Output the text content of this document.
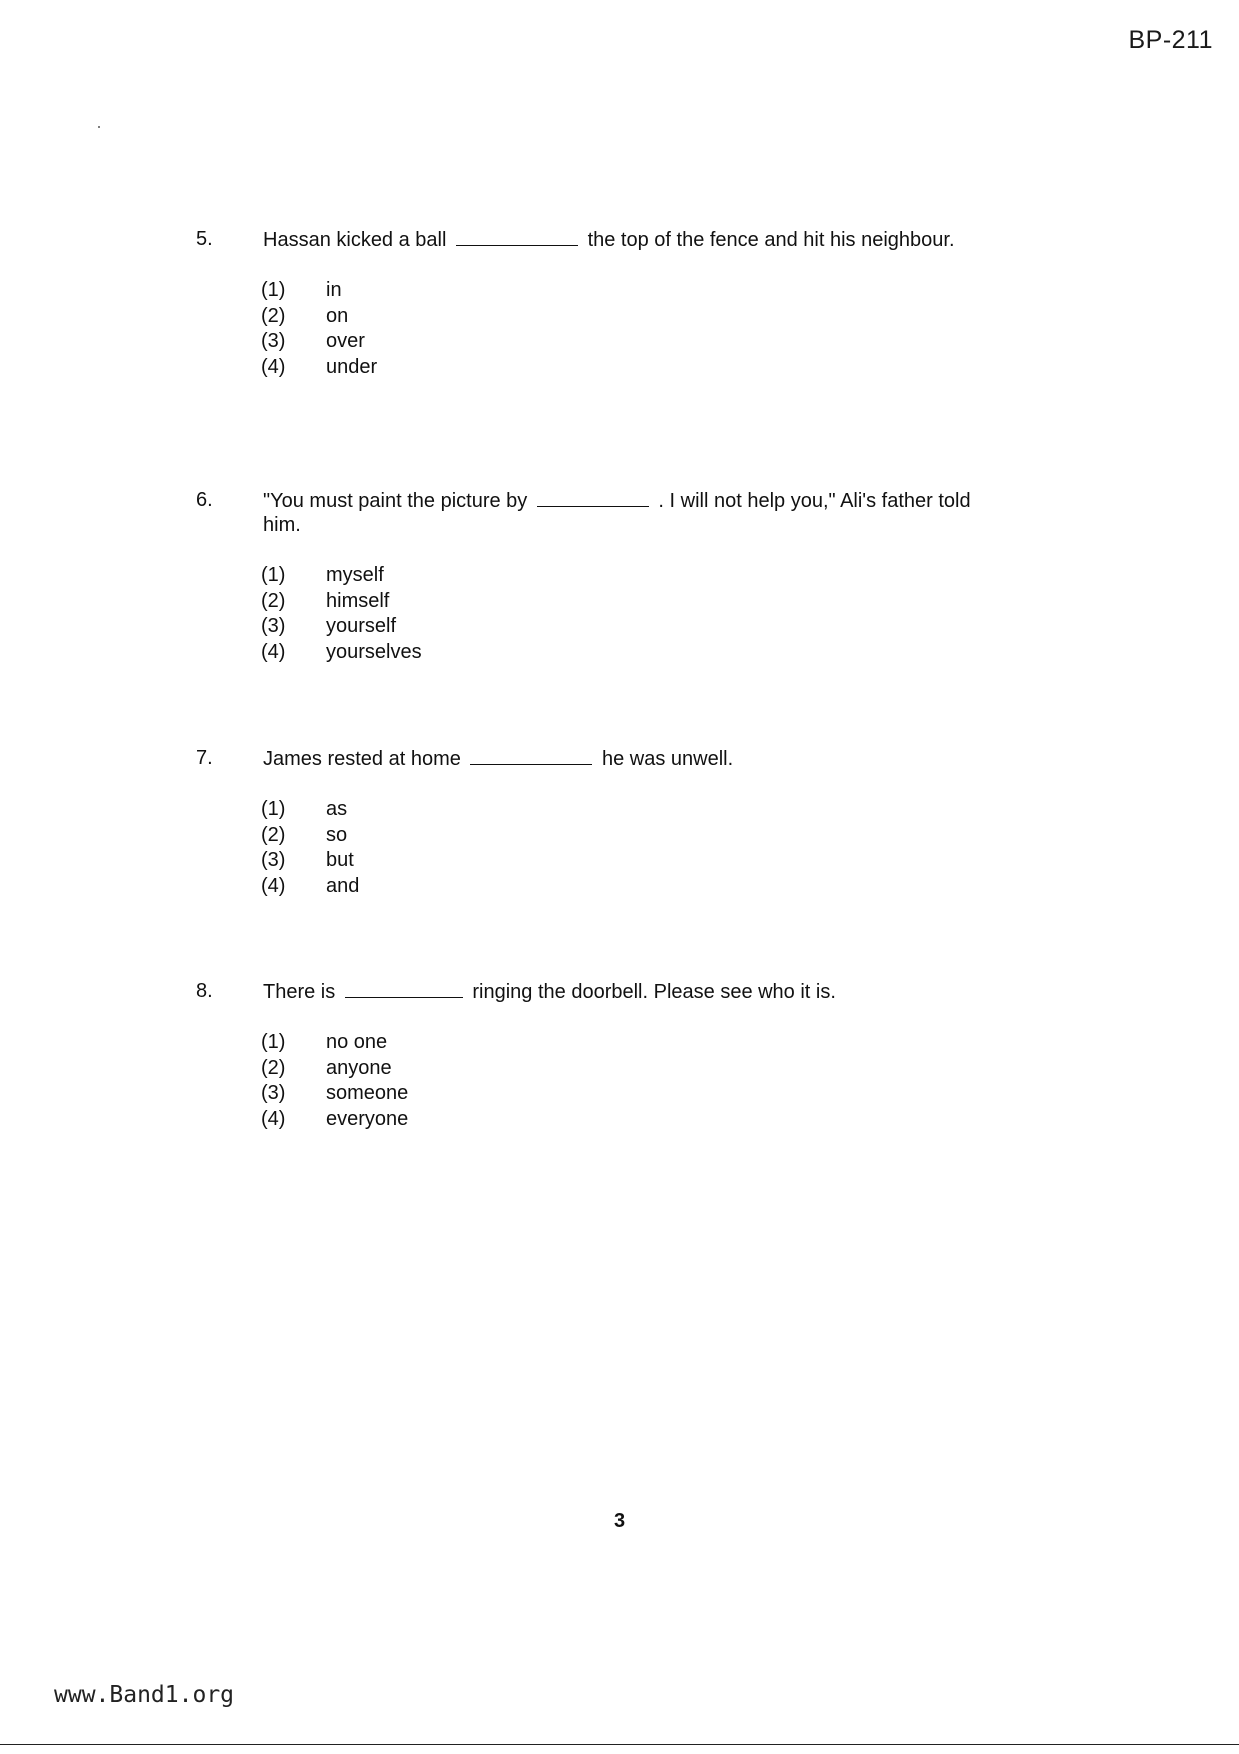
BP-211
5.	Hassan kicked a ball	the top of the fence and hit his neighbour.
(1)	in
(2)	on
(3)	over
(4)	under
6.	"You must paint the picture by	. I will not help you," Ali's father told him.
(1)	myself
(2)	himself
(3)	yourself
(4)	yourselves
7.	James rested at home	he was unwell.
(1)	as
(2)	so
(3)	but
(4)	and
8.	There is	ringing the doorbell. Please see who it is.
(1)	no one
(2)	anyone
(3)	someone
(4)	everyone
3
www.Band1.org
